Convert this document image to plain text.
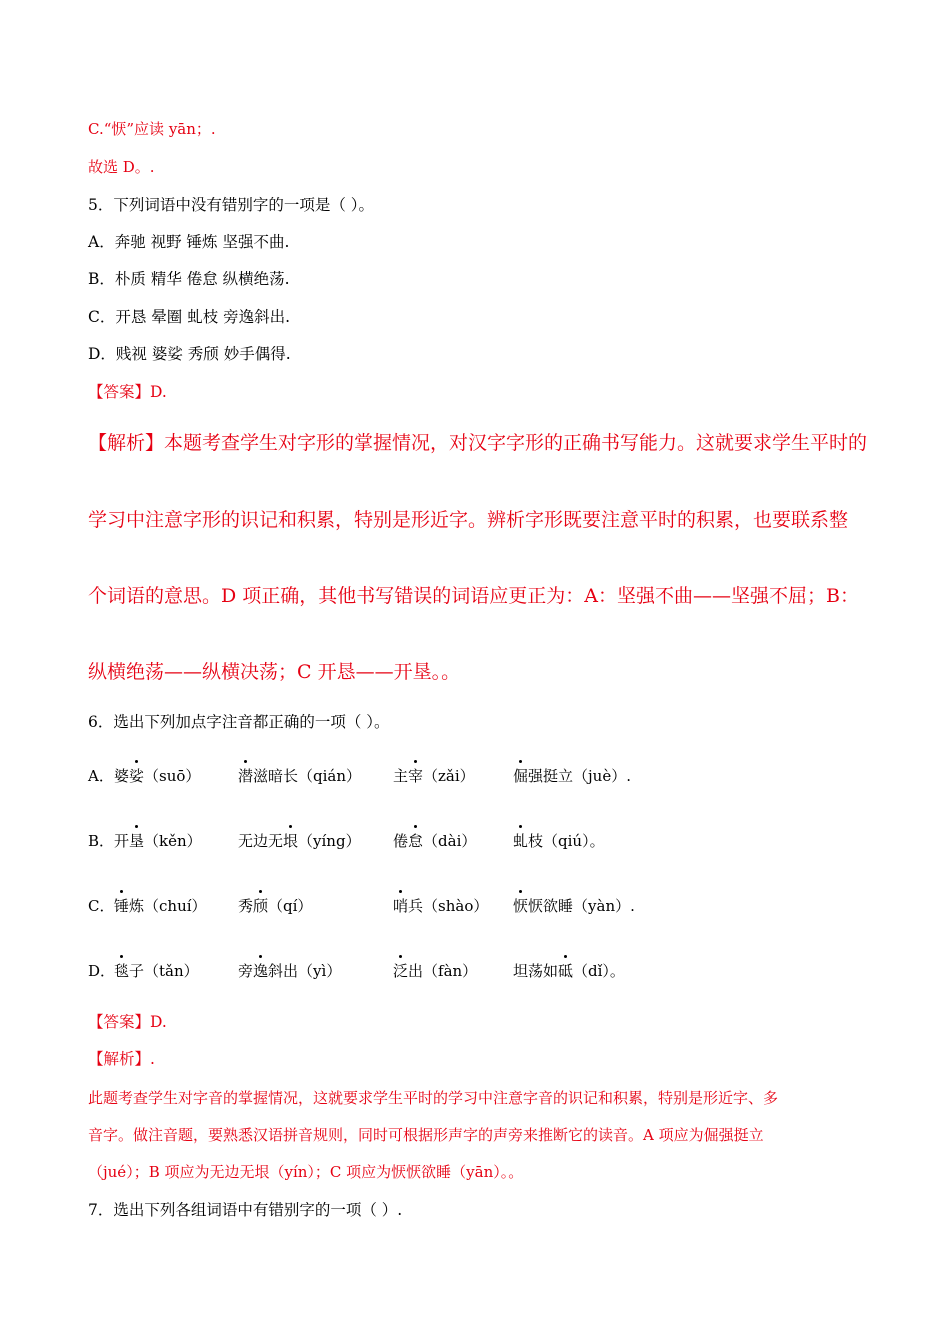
C.“恹”应读 yān；.
故选 D。.
5．下列词语中没有错别字的一项是（ ）。
A．奔驰 视野 锤炼 坚强不曲.
B．朴质 精华 倦怠 纵横绝荡.
C．开恳 晕圈 虬枝 旁逸斜出.
D．贱视 婆娑 秀颀 妙手偶得.
【答案】D.
【解析】本题考查学生对字形的掌握情况，对汉字字形的正确书写能力。这就要求学生平时的
学习中注意字形的识记和积累，特别是形近字。辨析字形既要注意平时的积累，也要联系整
个词语的意思。D 项正确，其他书写错误的词语应更正为：A：坚强不曲——坚强不屈；B：
纵横绝荡——纵横决荡；C 开恳——开垦。。
6．选出下列加点字注音都正确的一项（ ）。
A． 婆娑（suō）	潜滋暗长（qián） 主宰（zǎi）	倔强挺立（juè）.
B． 开垦（kěn） 无边无垠（yíng） 倦怠（dài） 虬枝（qiú）。
C． 锤炼（chuí） 秀颀（qí）	哨兵（shào） 恹恹欲睡（yàn）.
D．
毯子（tǎn）	旁逸斜出（yì）	泛出（fàn） 坦荡如砥（dǐ）。
【答案】D.
【解析】.
此题考查学生对字音的掌握情况，这就要求学生平时的学习中注意字音的识记和积累，特别是形近字、多
音字。做注音题，要熟悉汉语拼音规则，同时可根据形声字的声旁来推断它的读音。A 项应为倔强挺立
（jué）；B 项应为无边无垠（yín）；C 项应为恹恹欲睡（yān）。。
7．选出下列各组词语中有错别字的一项（ ）.
